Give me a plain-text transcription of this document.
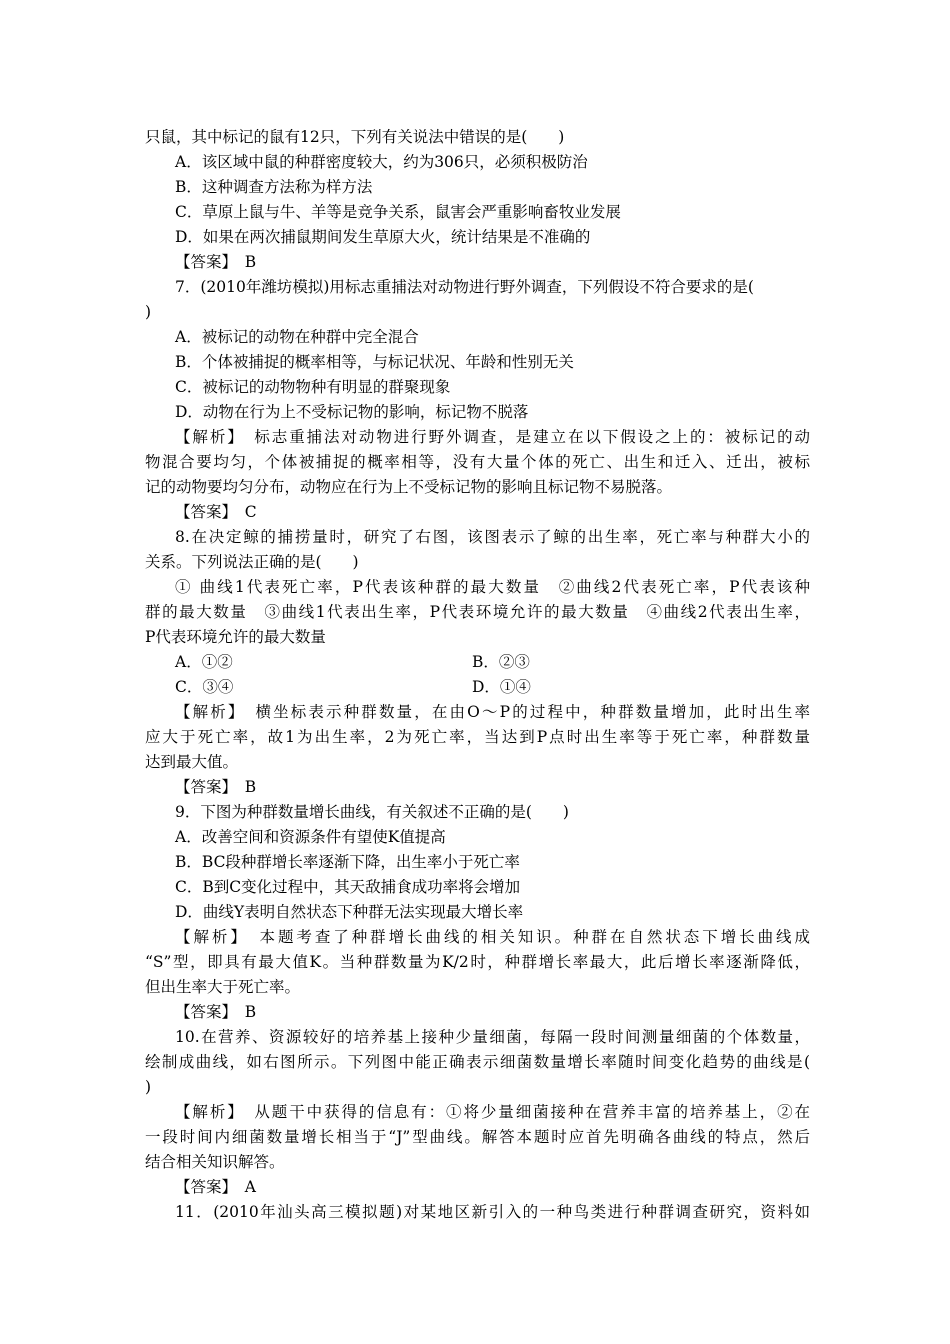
只鼠，其中标记的鼠有12只，下列有关说法中错误的是(　　)
A．该区域中鼠的种群密度较大，约为306只，必须积极防治
B．这种调查方法称为样方法
C．草原上鼠与牛、羊等是竞争关系，鼠害会严重影响畜牧业发展
D．如果在两次捕鼠期间发生草原大火，统计结果是不准确的
【答案】　B
7．(2010年潍坊模拟)用标志重捕法对动物进行野外调查，下列假设不符合要求的是(
)
A．被标记的动物在种群中完全混合
B．个体被捕捉的概率相等，与标记状况、年龄和性别无关
C．被标记的动物物种有明显的群聚现象
D．动物在行为上不受标记物的影响，标记物不脱落
【解析】　标志重捕法对动物进行野外调查，是建立在以下假设之上的：被标记的动
物混合要均匀，个体被捕捉的概率相等，没有大量个体的死亡、出生和迁入、迁出，被标
记的动物要均匀分布，动物应在行为上不受标记物的影响且标记物不易脱落。
【答案】　C
8.在决定鲸的捕捞量时，研究了右图，该图表示了鲸的出生率，死亡率与种群大小的
关系。下列说法正确的是(　　)
① 曲线1代表死亡率，P代表该种群的最大数量　②曲线2代表死亡率，P代表该种
群的最大数量　③曲线1代表出生率，P代表环境允许的最大数量　④曲线2代表出生率，
P代表环境允许的最大数量
A．①②	B．②③
C．③④	D．①④
【解析】　横坐标表示种群数量，在由O～P的过程中，种群数量增加，此时出生率
应大于死亡率，故1为出生率，2为死亡率，当达到P点时出生率等于死亡率，种群数量
达到最大值。
【答案】　B
9．下图为种群数量增长曲线，有关叙述不正确的是(　　)
A．改善空间和资源条件有望使K值提高
B．BC段种群增长率逐渐下降，出生率小于死亡率
C．B到C变化过程中，其天敌捕食成功率将会增加
D．曲线Y表明自然状态下种群无法实现最大增长率
【解析】　本题考查了种群增长曲线的相关知识。种群在自然状态下增长曲线成
“S”型，即具有最大值K。当种群数量为K/2时，种群增长率最大，此后增长率逐渐降低，
但出生率大于死亡率。
【答案】　B
10.在营养、资源较好的培养基上接种少量细菌，每隔一段时间测量细菌的个体数量，
绘制成曲线，如右图所示。下列图中能正确表示细菌数量增长率随时间变化趋势的曲线是(
)
【解析】　从题干中获得的信息有：①将少量细菌接种在营养丰富的培养基上，②在
一段时间内细菌数量增长相当于“J”型曲线。解答本题时应首先明确各曲线的特点，然后
结合相关知识解答。
【答案】　A
11．(2010年汕头高三模拟题)对某地区新引入的一种鸟类进行种群调查研究，资料如
